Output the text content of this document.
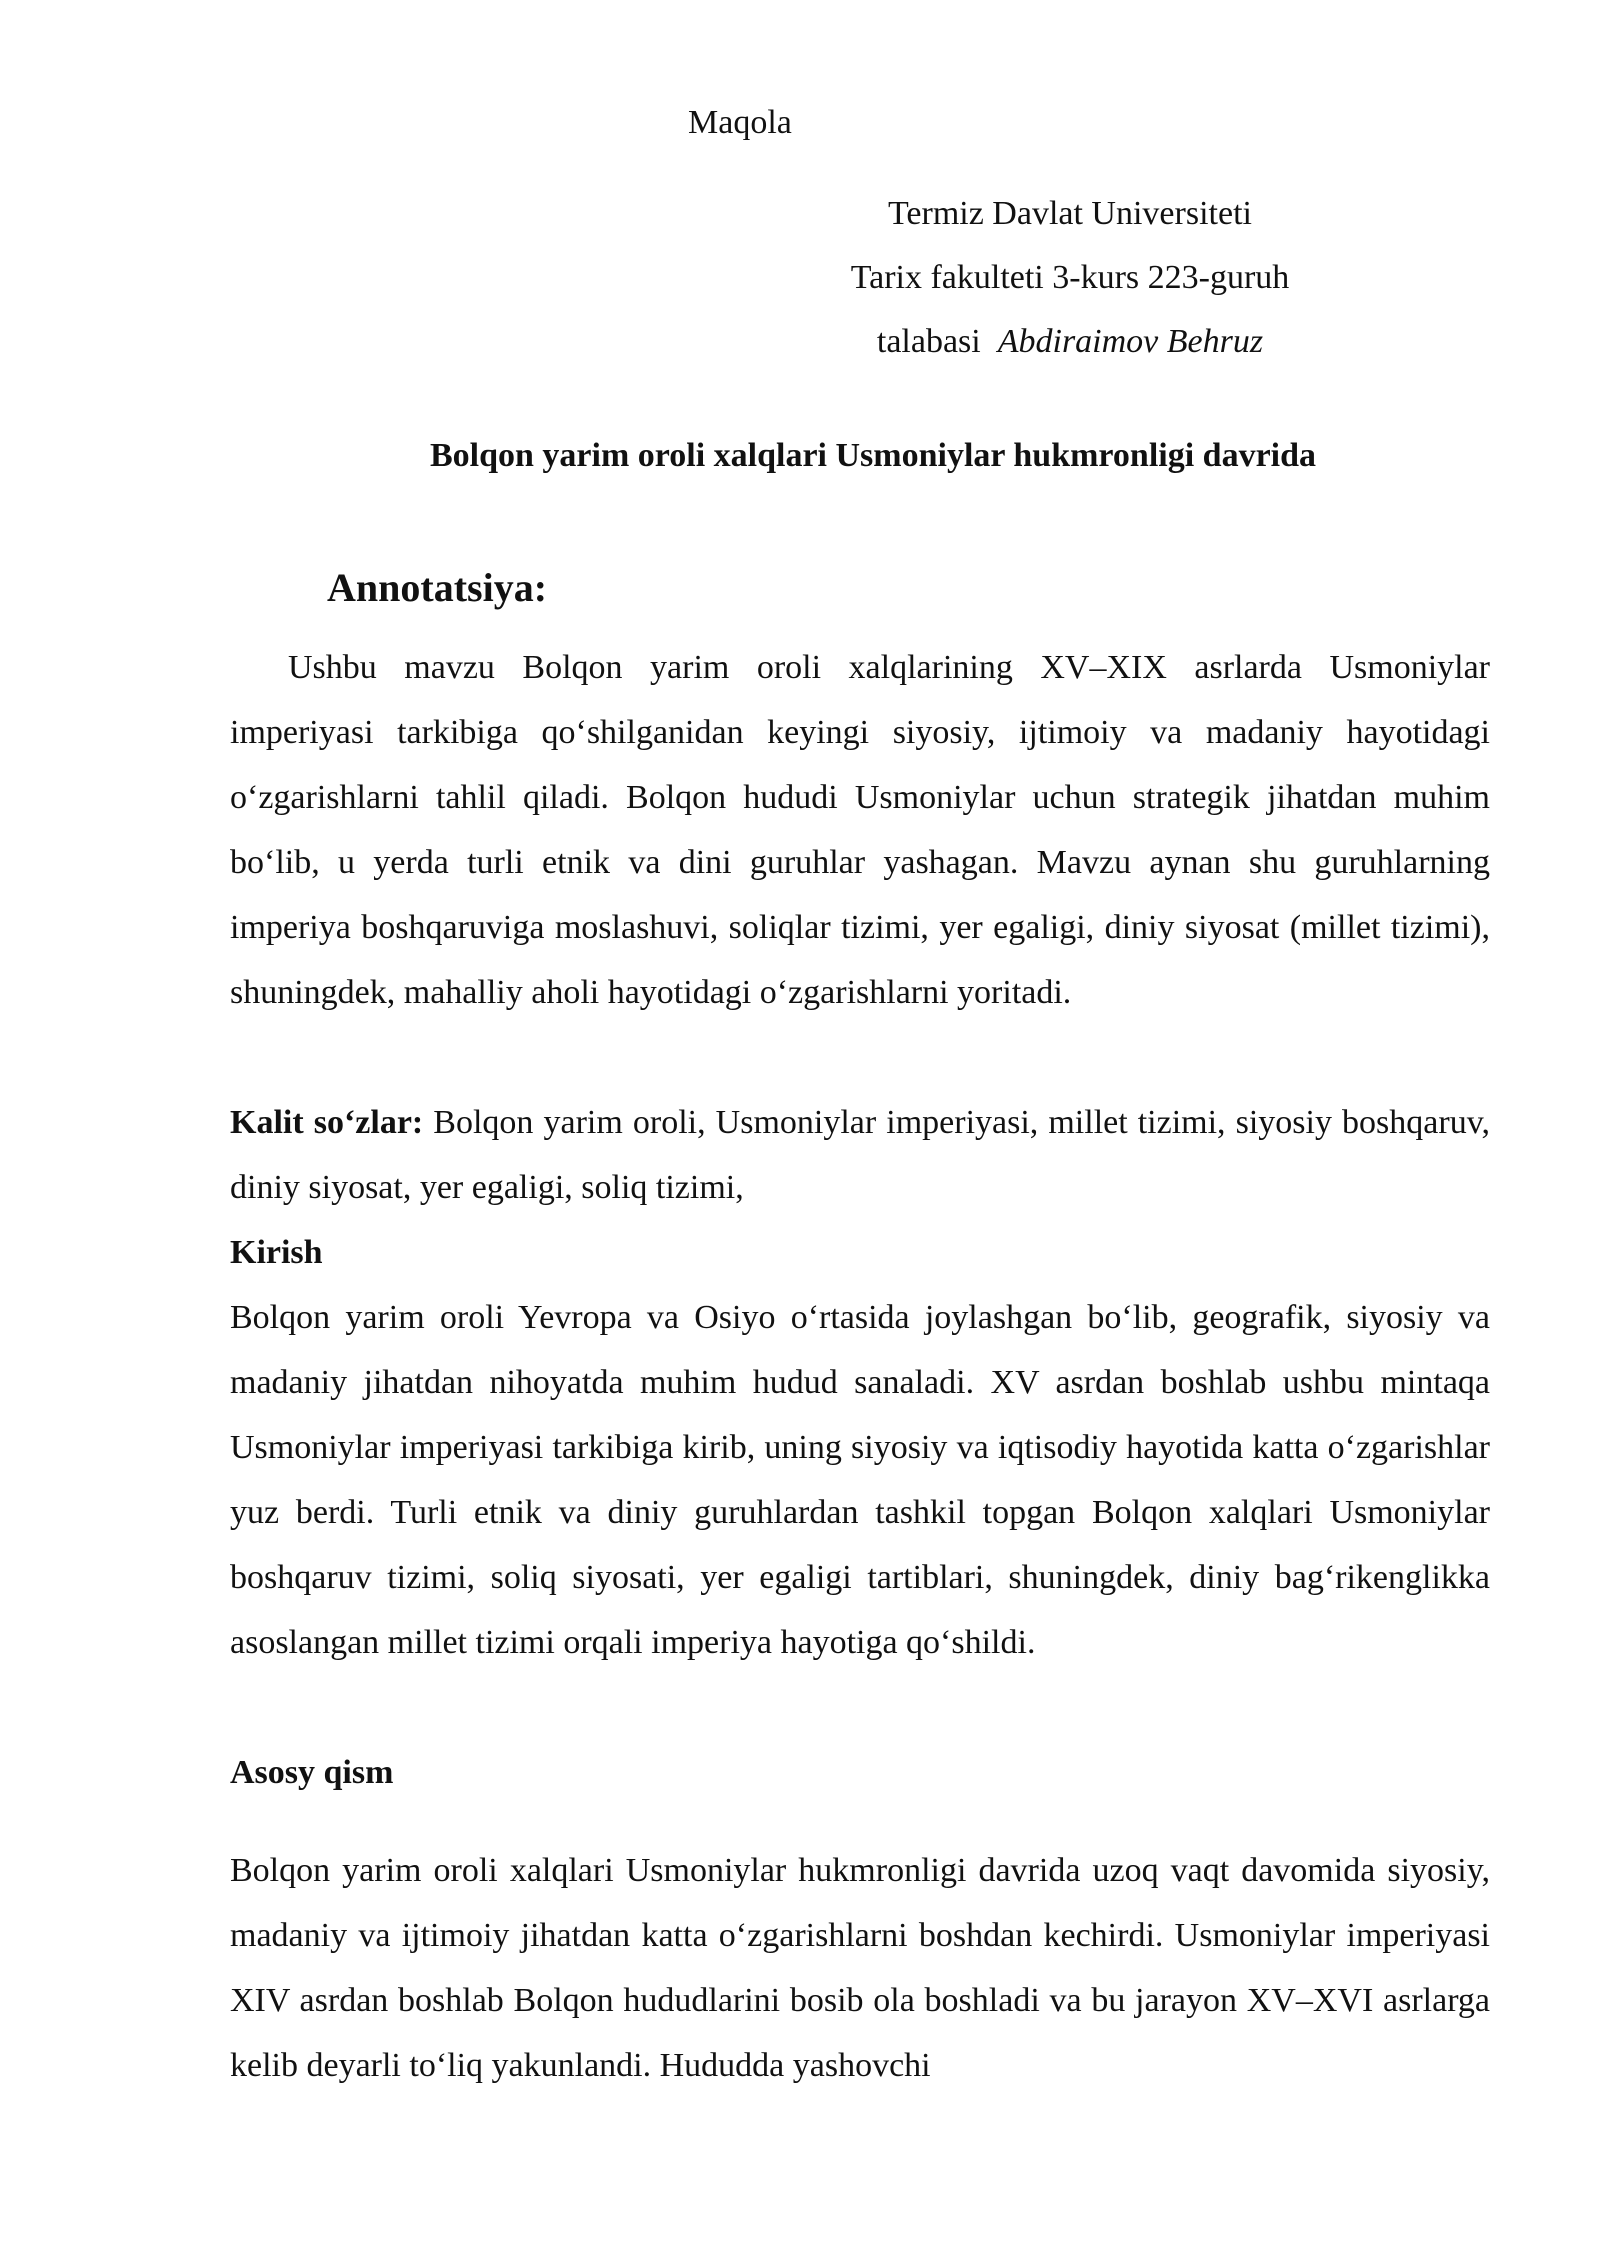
Maqola
Termiz Davlat Universiteti
Tarix fakulteti 3-kurs 223-guruh
talabasi Abdiraimov Behruz
Bolqon yarim oroli xalqlari Usmoniylar hukmronligi davrida
Annotatsiya:

Ushbu mavzu Bolqon yarim oroli xalqlarining XV–XIX asrlarda Usmoniylar imperiyasi tarkibiga qoʻshilganidan keyingi siyosiy, ijtimoiy va madaniy hayotidagi oʻzgarishlarni tahlil qiladi. Bolqon hududi Usmoniylar uchun strategik jihatdan muhim boʻlib, u yerda turli etnik va dini guruhlar yashagan. Mavzu aynan shu guruhlarning imperiya boshqaruviga moslashuvi, soliqlar tizimi, yer egaligi, diniy siyosat (millet tizimi), shuningdek, mahalliy aholi hayotidagi oʻzgarishlarni yoritadi.

Kalit soʻzlar: Bolqon yarim oroli, Usmoniylar imperiyasi, millet tizimi, siyosiy boshqaruv, diniy siyosat, yer egaligi, soliq tizimi,

Kirish

Bolqon yarim oroli Yevropa va Osiyo oʻrtasida joylashgan boʻlib, geografik, siyosiy va madaniy jihatdan nihoyatda muhim hudud sanaladi. XV asrdan boshlab ushbu mintaqa Usmoniylar imperiyasi tarkibiga kirib, uning siyosiy va iqtisodiy hayotida katta oʻzgarishlar yuz berdi. Turli etnik va diniy guruhlardan tashkil topgan Bolqon xalqlari Usmoniylar boshqaruv tizimi, soliq siyosati, yer egaligi tartiblari, shuningdek, diniy bagʻrikenglikka asoslangan millet tizimi orqali imperiya hayotiga qoʻshildi.

Asosy qism

Bolqon yarim oroli xalqlari Usmoniylar hukmronligi davrida uzoq vaqt davomida siyosiy, madaniy va ijtimoiy jihatdan katta oʻzgarishlarni boshdan kechirdi. Usmoniylar imperiyasi XIV asrdan boshlab Bolqon hududlarini bosib ola boshladi va bu jarayon XV–XVI asrlarga kelib deyarli toʻliq yakunlandi. Hududda yashovchi
